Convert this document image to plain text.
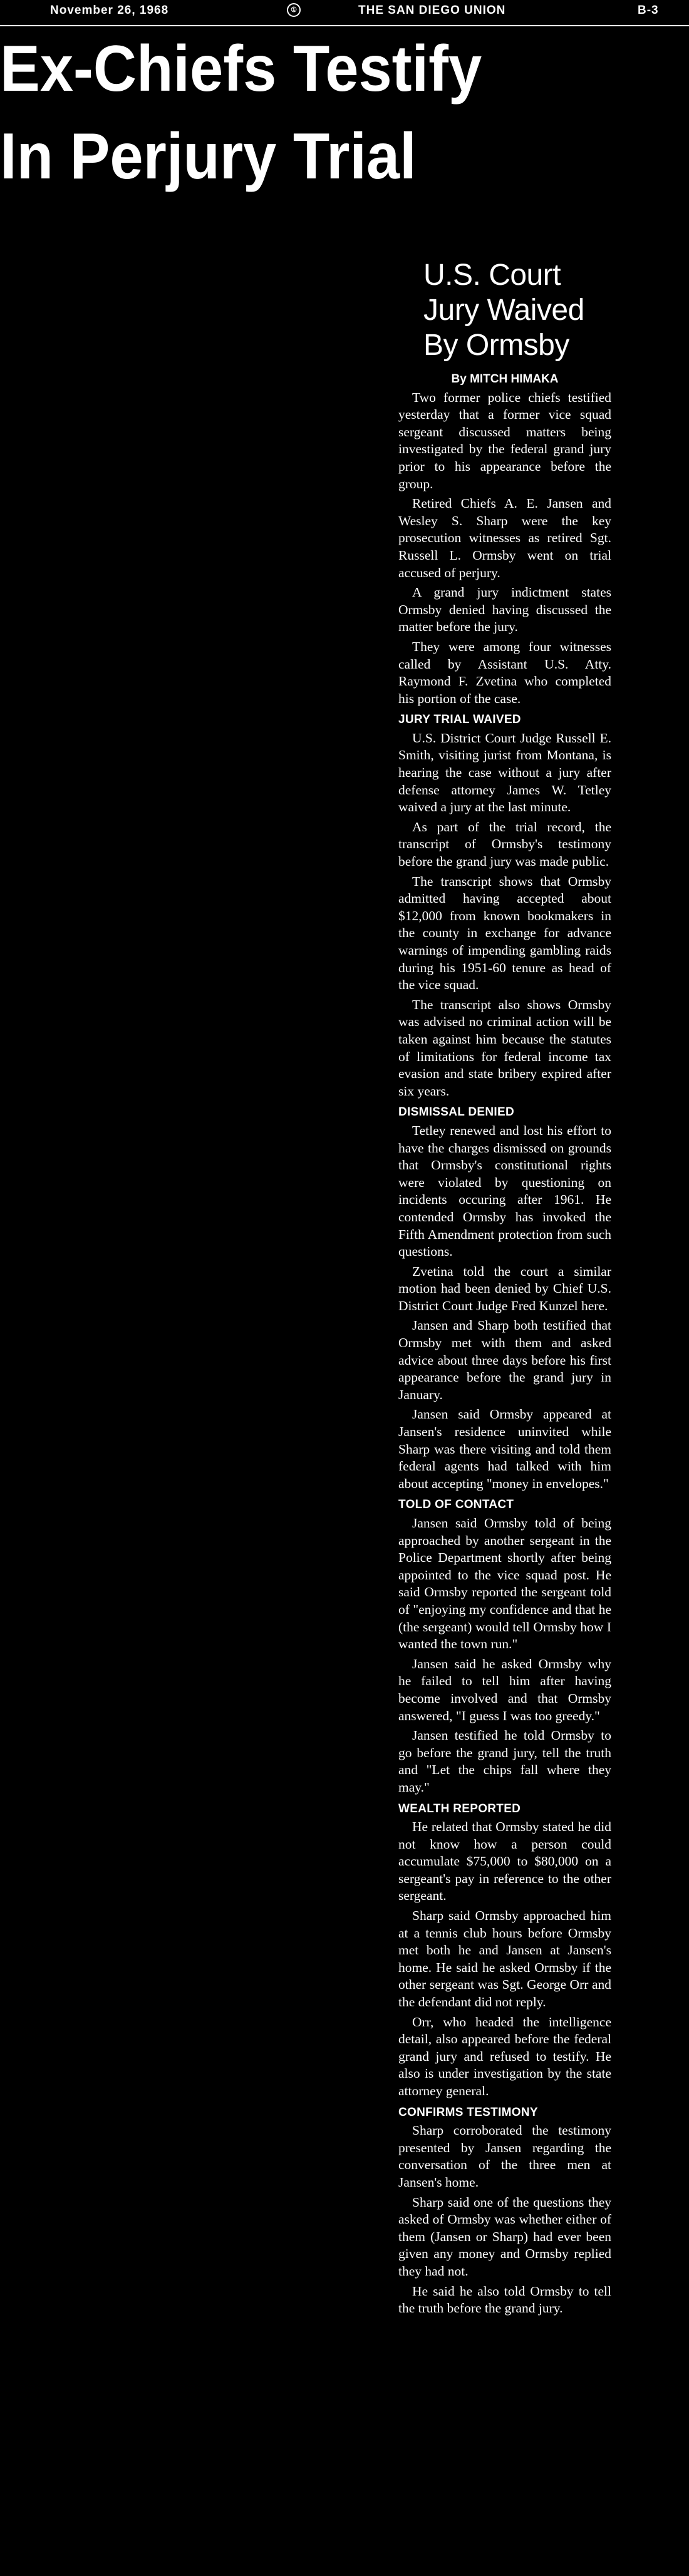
November 26, 1968	①	THE SAN DIEGO UNION	B-3
Ex-Chiefs Testify
In Perjury Trial
U.S. Court Jury Waived By Ormsby

By MITCH HIMAKA

Two former police chiefs testified yesterday that a former vice squad sergeant discussed matters being investigated by the federal grand jury prior to his appearance before the group.

Retired Chiefs A. E. Jansen and Wesley S. Sharp were the key prosecution witnesses as retired Sgt. Russell L. Ormsby went on trial accused of perjury.

A grand jury indictment states Ormsby denied having discussed the matter before the jury.

They were among four witnesses called by Assistant U.S. Atty. Raymond F. Zvetina who completed his portion of the case.

JURY TRIAL WAIVED

U.S. District Court Judge Russell E. Smith, visiting jurist from Montana, is hearing the case without a jury after defense attorney James W. Tetley waived a jury at the last minute.

As part of the trial record, the transcript of Ormsby's testimony before the grand jury was made public.

The transcript shows that Ormsby admitted having accepted about $12,000 from known bookmakers in the county in exchange for advance warnings of impending gambling raids during his 1951-60 tenure as head of the vice squad.

The transcript also shows Ormsby was advised no criminal action will be taken against him because the statutes of limitations for federal income tax evasion and state bribery expired after six years.

DISMISSAL DENIED

Tetley renewed and lost his effort to have the charges dismissed on grounds that Ormsby's constitutional rights were violated by questioning on incidents occuring after 1961. He contended Ormsby has invoked the Fifth Amendment protection from such questions.

Zvetina told the court a similar motion had been denied by Chief U.S. District Court Judge Fred Kunzel here.

Jansen and Sharp both testified that Ormsby met with them and asked advice about three days before his first appearance before the grand jury in January.

Jansen said Ormsby appeared at Jansen's residence uninvited while Sharp was there visiting and told them federal agents had talked with him about accepting "money in envelopes."

TOLD OF CONTACT

Jansen said Ormsby told of being approached by another sergeant in the Police Department shortly after being appointed to the vice squad post. He said Ormsby reported the sergeant told of "enjoying my confidence and that he (the sergeant) would tell Ormsby how I wanted the town run."

Jansen said he asked Ormsby why he failed to tell him after having become involved and that Ormsby answered, "I guess I was too greedy."

Jansen testified he told Ormsby to go before the grand jury, tell the truth and "Let the chips fall where they may."

WEALTH REPORTED

He related that Ormsby stated he did not know how a person could accumulate $75,000 to $80,000 on a sergeant's pay in reference to the other sergeant.

Sharp said Ormsby approached him at a tennis club hours before Ormsby met both he and Jansen at Jansen's home. He said he asked Ormsby if the other sergeant was Sgt. George Orr and the defendant did not reply.

Orr, who headed the intelligence detail, also appeared before the federal grand jury and refused to testify. He also is under investigation by the state attorney general.

CONFIRMS TESTIMONY

Sharp corroborated the testimony presented by Jansen regarding the conversation of the three men at Jansen's home.

Sharp said one of the questions they asked of Ormsby was whether either of them (Jansen or Sharp) had ever been given any money and Ormsby replied they had not.

He said he also told Ormsby to tell the truth before the grand jury.
